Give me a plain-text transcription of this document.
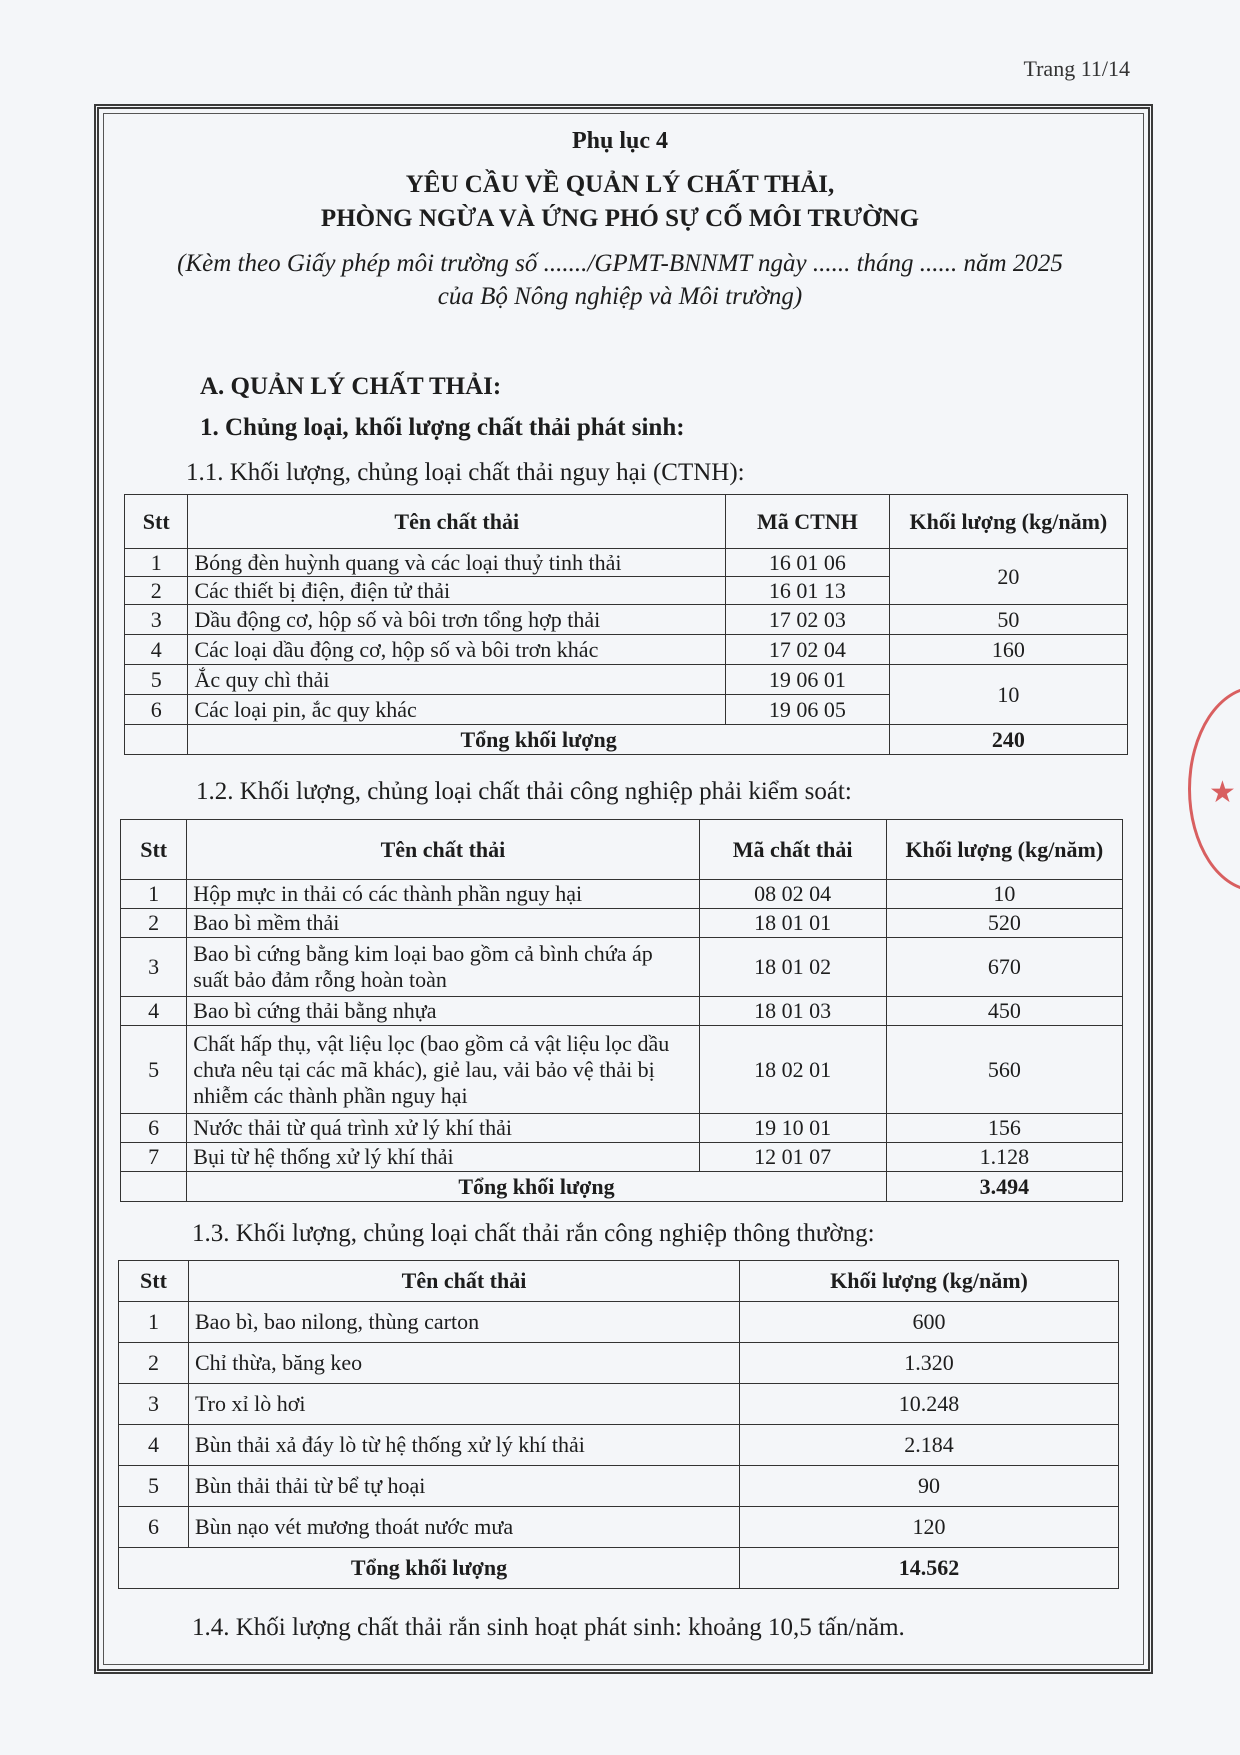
Trang 11/14
Phụ lục 4
YÊU CẦU VỀ QUẢN LÝ CHẤT THẢI,
PHÒNG NGỪA VÀ ỨNG PHÓ SỰ CỐ MÔI TRƯỜNG
(Kèm theo Giấy phép môi trường số ......./GPMT-BNNMT ngày ...... tháng ...... năm 2025
của Bộ Nông nghiệp và Môi trường)
A. QUẢN LÝ CHẤT THẢI:
1. Chủng loại, khối lượng chất thải phát sinh:
1.1. Khối lượng, chủng loại chất thải nguy hại (CTNH):
Stt	Tên chất thải	Mã CTNH	Khối lượng (kg/năm)
1	Bóng đèn huỳnh quang và các loại thuỷ tinh thải	16 01 06	20
2	Các thiết bị điện, điện tử thải	16 01 13	
3	Dầu động cơ, hộp số và bôi trơn tổng hợp thải	17 02 03	50
4	Các loại dầu động cơ, hộp số và bôi trơn khác	17 02 04	160
5	Ắc quy chì thải	19 06 01	10
6	Các loại pin, ắc quy khác	19 06 05	
	Tổng khối lượng		240
1.2. Khối lượng, chủng loại chất thải công nghiệp phải kiểm soát:
Stt	Tên chất thải	Mã chất thải	Khối lượng (kg/năm)
1	Hộp mực in thải có các thành phần nguy hại	08 02 04	10
2	Bao bì mềm thải	18 01 01	520
3	Bao bì cứng bằng kim loại bao gồm cả bình chứa áp suất bảo đảm rỗng hoàn toàn	18 01 02	670
4	Bao bì cứng thải bằng nhựa	18 01 03	450
5	Chất hấp thụ, vật liệu lọc (bao gồm cả vật liệu lọc dầu chưa nêu tại các mã khác), giẻ lau, vải bảo vệ thải bị nhiễm các thành phần nguy hại	18 02 01	560
6	Nước thải từ quá trình xử lý khí thải	19 10 01	156
7	Bụi từ hệ thống xử lý khí thải	12 01 07	1.128
	Tổng khối lượng		3.494
1.3. Khối lượng, chủng loại chất thải rắn công nghiệp thông thường:
Stt	Tên chất thải	Khối lượng (kg/năm)
1	Bao bì, bao nilong, thùng carton	600
2	Chỉ thừa, băng keo	1.320
3	Tro xỉ lò hơi	10.248
4	Bùn thải xả đáy lò từ hệ thống xử lý khí thải	2.184
5	Bùn thải thải từ bể tự hoại	90
6	Bùn nạo vét mương thoát nước mưa	120
Tổng khối lượng		14.562
1.4. Khối lượng chất thải rắn sinh hoạt phát sinh: khoảng 10,5 tấn/năm.
★
